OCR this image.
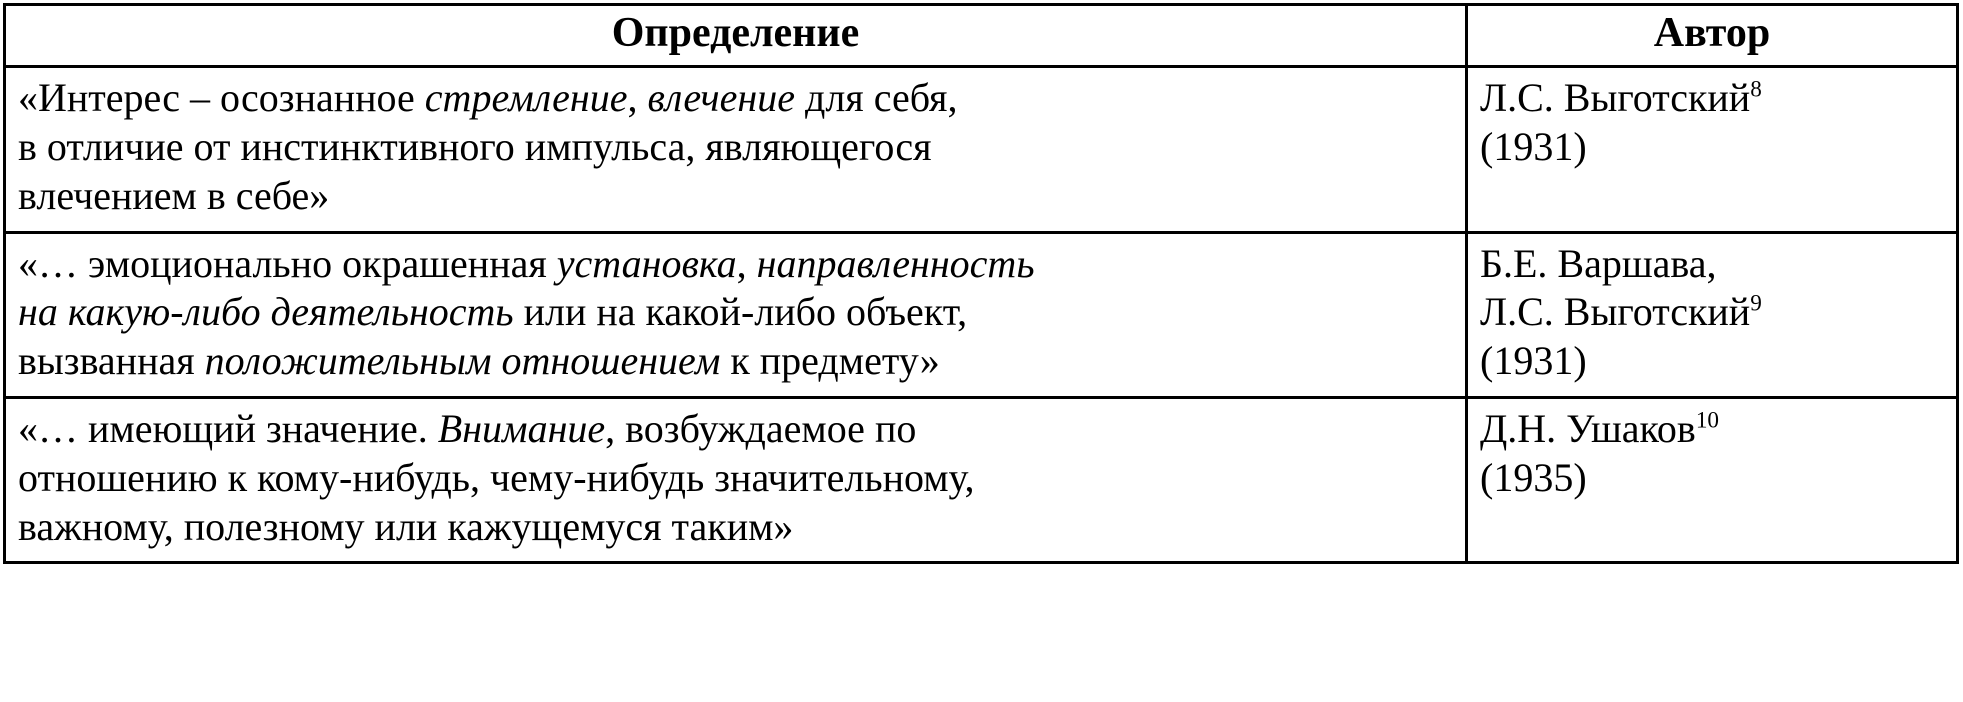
Определение	Автор

«Интерес – осознанное стремление, влечение для себя,
в отличие от инстинктивного импульса, являющегося
влечением в себе»	Л.С. Выготский$^8$
(1931)

«… эмоционально окрашенная установка, направленность
на какую-либо деятельность или на какой-либо объект,
вызванная положительным отношением к предмету»	Б.Е. Варшава,
Л.С. Выготский$^9$
(1931)

«… имеющий значение. Внимание, возбуждаемое по
отношению к кому-нибудь, чему-нибудь значительному,
важному, полезному или кажущемуся таким»	Д.Н. Ушаков$^{10}$
(1935)
